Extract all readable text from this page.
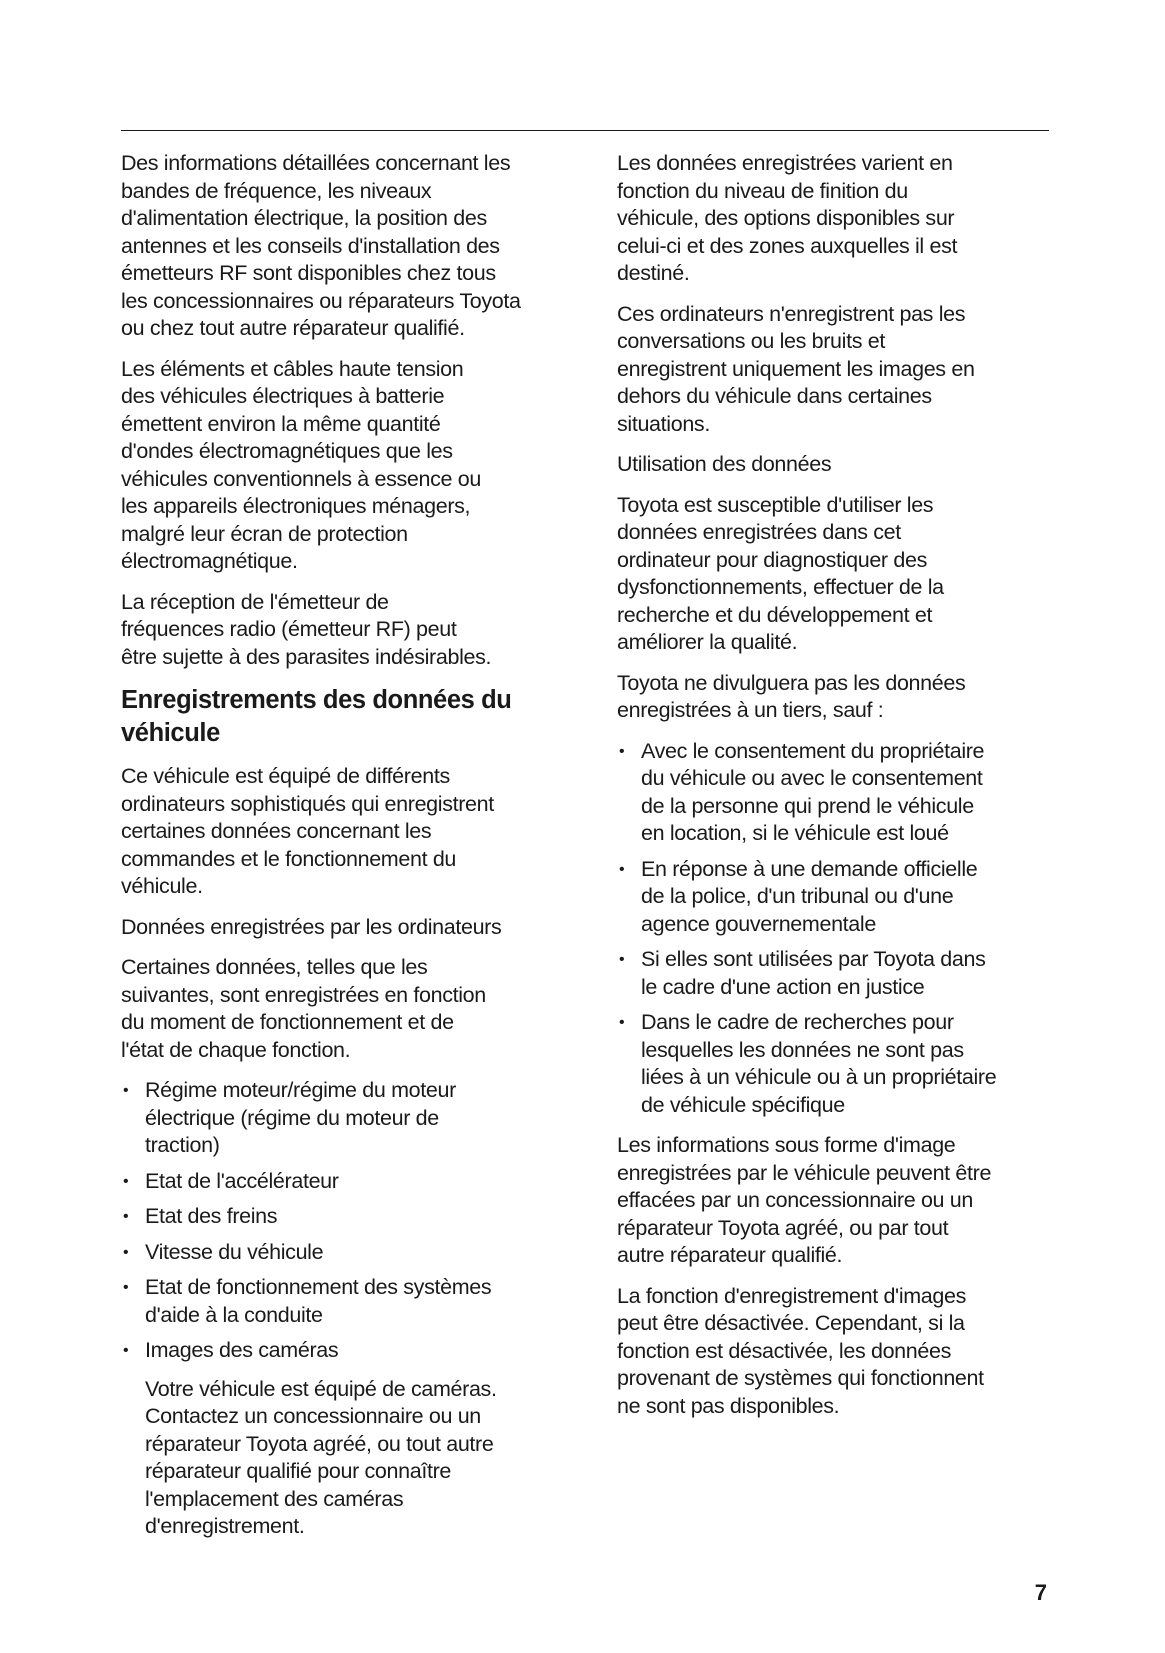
Des informations détaillées concernant les
bandes de fréquence, les niveaux
d'alimentation électrique, la position des
antennes et les conseils d'installation des
émetteurs RF sont disponibles chez tous
les concessionnaires ou réparateurs Toyota
ou chez tout autre réparateur qualifié.

Les éléments et câbles haute tension
des véhicules électriques à batterie
émettent environ la même quantité
d'ondes électromagnétiques que les
véhicules conventionnels à essence ou
les appareils électroniques ménagers,
malgré leur écran de protection
électromagnétique.

La réception de l'émetteur de
fréquences radio (émetteur RF) peut
être sujette à des parasites indésirables.

Enregistrements des données du
véhicule

Ce véhicule est équipé de différents
ordinateurs sophistiqués qui enregistrent
certaines données concernant les
commandes et le fonctionnement du
véhicule.

Données enregistrées par les ordinateurs

Certaines données, telles que les
suivantes, sont enregistrées en fonction
du moment de fonctionnement et de
l'état de chaque fonction.

• Régime moteur/régime du moteur
électrique (régime du moteur de
traction)
• Etat de l'accélérateur
• Etat des freins
• Vitesse du véhicule
• Etat de fonctionnement des systèmes
d'aide à la conduite
• Images des caméras

Votre véhicule est équipé de caméras.
Contactez un concessionnaire ou un
réparateur Toyota agréé, ou tout autre
réparateur qualifié pour connaître
l'emplacement des caméras
d'enregistrement.

Les données enregistrées varient en
fonction du niveau de finition du
véhicule, des options disponibles sur
celui-ci et des zones auxquelles il est
destiné.

Ces ordinateurs n'enregistrent pas les
conversations ou les bruits et
enregistrent uniquement les images en
dehors du véhicule dans certaines
situations.

Utilisation des données

Toyota est susceptible d'utiliser les
données enregistrées dans cet
ordinateur pour diagnostiquer des
dysfonctionnements, effectuer de la
recherche et du développement et
améliorer la qualité.

Toyota ne divulguera pas les données
enregistrées à un tiers, sauf :

• Avec le consentement du propriétaire
du véhicule ou avec le consentement
de la personne qui prend le véhicule
en location, si le véhicule est loué
• En réponse à une demande officielle
de la police, d'un tribunal ou d'une
agence gouvernementale
• Si elles sont utilisées par Toyota dans
le cadre d'une action en justice
• Dans le cadre de recherches pour
lesquelles les données ne sont pas
liées à un véhicule ou à un propriétaire
de véhicule spécifique

Les informations sous forme d'image
enregistrées par le véhicule peuvent être
effacées par un concessionnaire ou un
réparateur Toyota agréé, ou par tout
autre réparateur qualifié.

La fonction d'enregistrement d'images
peut être désactivée. Cependant, si la
fonction est désactivée, les données
provenant de systèmes qui fonctionnent
ne sont pas disponibles.

7
